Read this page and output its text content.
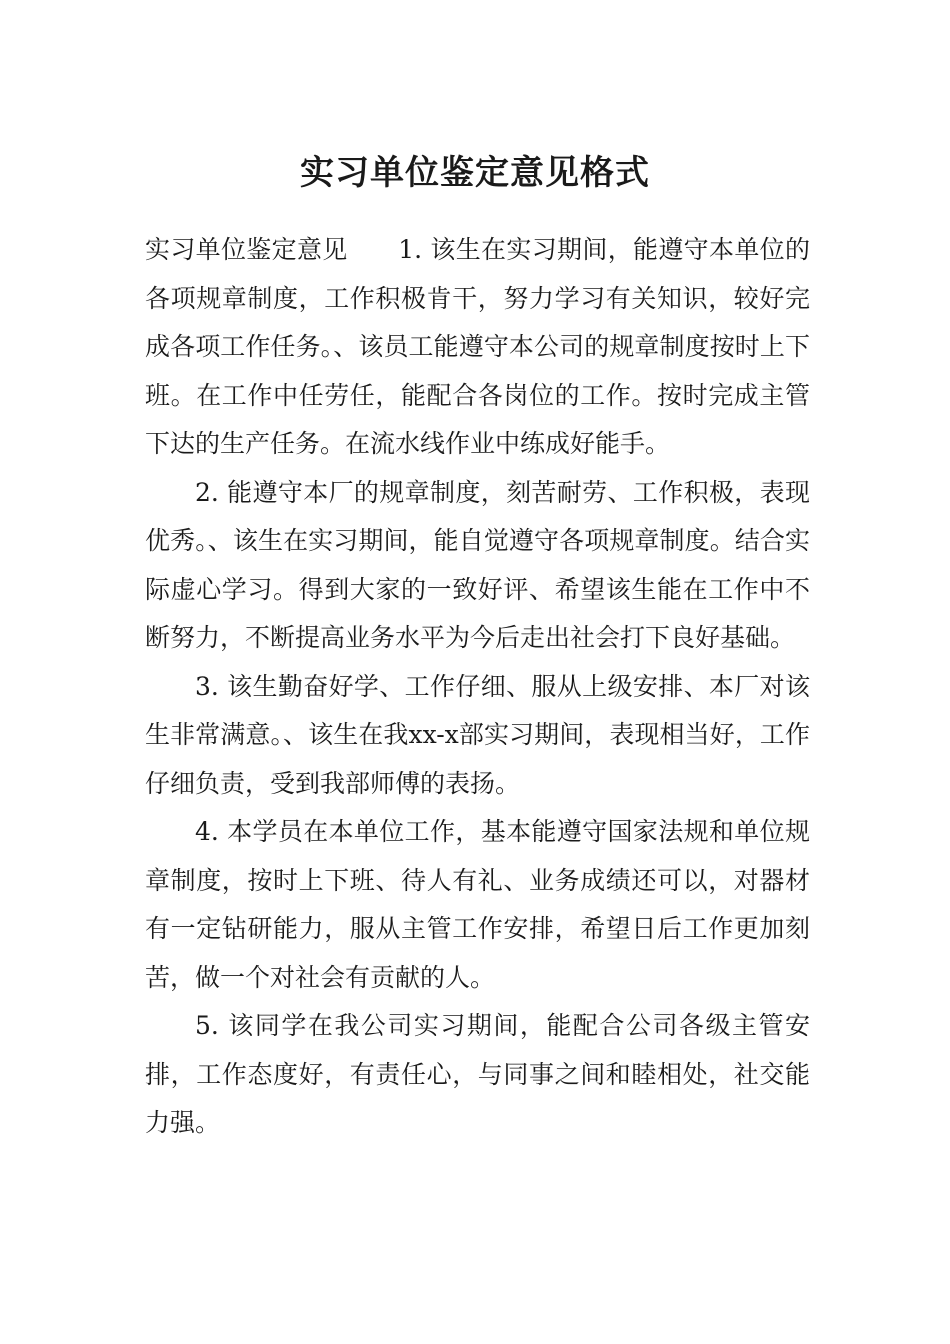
实习单位鉴定意见格式

实习单位鉴定意见　　1. 该生在实习期间，能遵守本单位的各项规章制度，工作积极肯干，努力学习有关知识，较好完成各项工作任务。、该员工能遵守本公司的规章制度按时上下班。在工作中任劳任，能配合各岗位的工作。按时完成主管下达的生产任务。在流水线作业中练成好能手。

2. 能遵守本厂的规章制度，刻苦耐劳、工作积极，表现优秀。、该生在实习期间，能自觉遵守各项规章制度。结合实际虚心学习。得到大家的一致好评、希望该生能在工作中不断努力，不断提高业务水平为今后走出社会打下良好基础。

3. 该生勤奋好学、工作仔细、服从上级安排、本厂对该生非常满意。、该生在我xx-x部实习期间，表现相当好，工作仔细负责，受到我部师傅的表扬。

4. 本学员在本单位工作，基本能遵守国家法规和单位规章制度，按时上下班、待人有礼、业务成绩还可以，对器材有一定钻研能力，服从主管工作安排，希望日后工作更加刻苦，做一个对社会有贡献的人。

5. 该同学在我公司实习期间，能配合公司各级主管安排，工作态度好，有责任心，与同事之间和睦相处，社交能力强。
